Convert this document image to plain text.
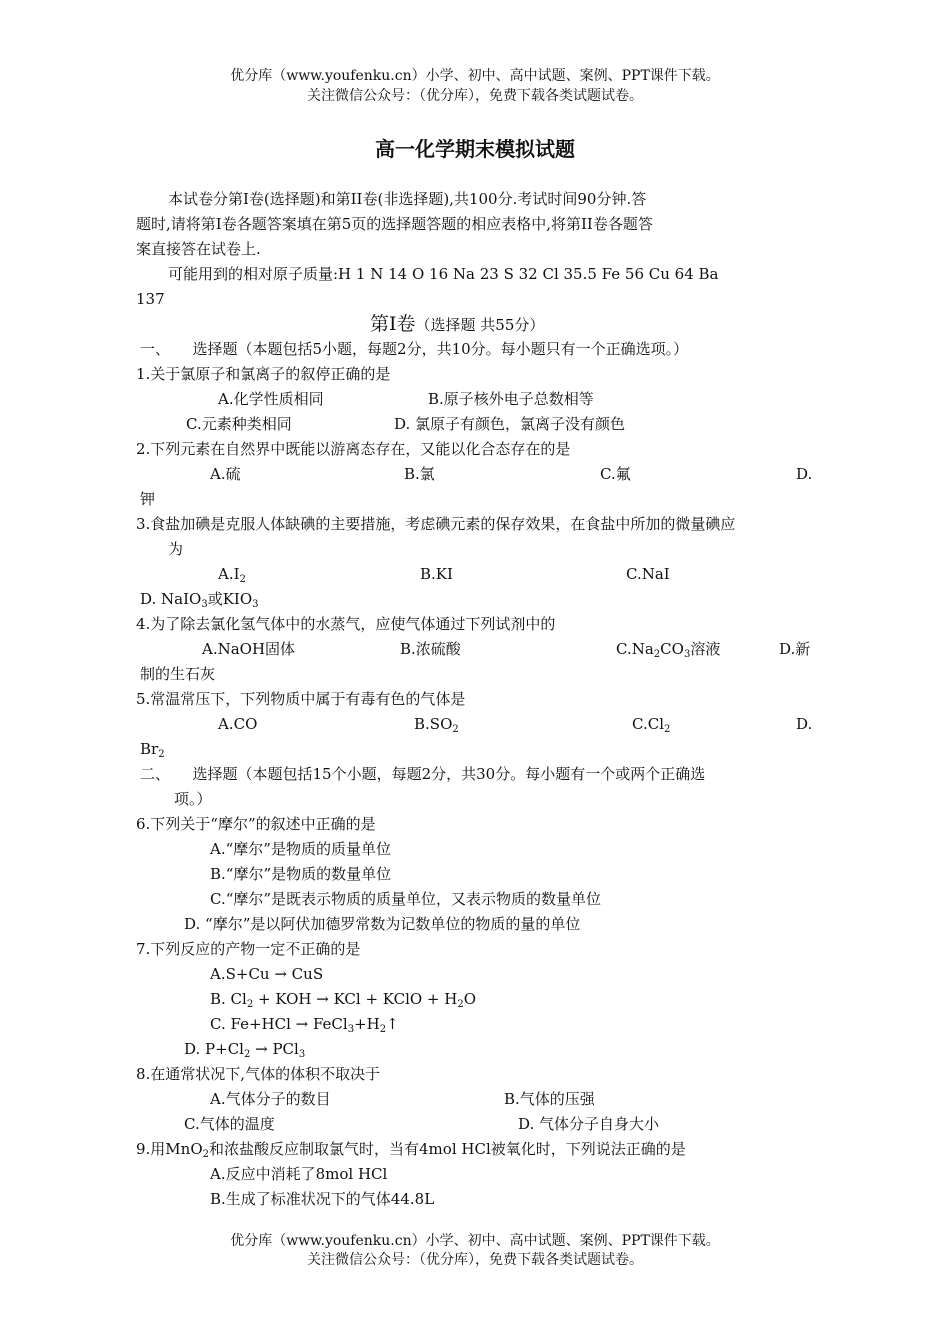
优分库（www.youfenku.cn）小学、初中、高中试题、案例、PPT课件下载。
关注微信公众号：（优分库），免费下载各类试题试卷。
高一化学期末模拟试题
本试卷分第I卷(选择题)和第II卷(非选择题),共100分.考试时间90分钟.答
题时,请将第I卷各题答案填在第5页的选择题答题的相应表格中,将第II卷各题答
案直接答在试卷上.
可能用到的相对原子质量:H 1 N 14 O 16 Na 23 S 32 Cl 35.5 Fe 56 Cu 64 Ba
137
第I卷（选择题 共55分）
一、　　选择题（本题包括5小题，每题2分，共10分。每小题只有一个正确选项。）
1.关于氯原子和氯离子的叙停正确的是
A.化学性质相同	B.原子核外电子总数相等
C.元素种类相同	D. 氯原子有颜色，氯离子没有颜色
2.下列元素在自然界中既能以游离态存在，又能以化合态存在的是
A.硫	B.氯	C.氟	D.
钾
3.食盐加碘是克服人体缺碘的主要措施，考虑碘元素的保存效果，在食盐中所加的微量碘应
为
$A.I_2$	B.KI	C.NaI
D. NaIO$_3$或$KIO_3$
4.为了除去氯化氢气体中的水蒸气，应使气体通过下列试剂中的
A.NaOH固体	B.浓硫酸	$C.Na_2CO_3$溶液	D.新
制的生石灰
5.常温常压下，下列物质中属于有毒有色的气体是
A.CO	$B.SO_2$	$C.Cl_2$	D.
$Br_2$
二、　　选择题（本题包括15个小题，每题2分，共30分。每小题有一个或两个正确选
项。）
6.下列关于“摩尔”的叙述中正确的是
A.“摩尔”是物质的质量单位
B.“摩尔”是物质的数量单位
C.“摩尔”是既表示物质的质量单位，又表示物质的数量单位
D. “摩尔”是以阿伏加德罗常数为记数单位的物质的量的单位
7.下列反应的产物一定不正确的是
A.S+Cu → CuS
B. $Cl_2$ + KOH → KCl + KClO + $H_2O$
C. $Fe+HCl \to FeCl_3+H_2↑$
D. $P+Cl_2 \to PCl_3$
8.在通常状况下,气体的体积不取决于
A.气体分子的数目	B.气体的压强
C.气体的温度	D. 气体分子自身大小
9.用MnO$_2$和浓盐酸反应制取氯气时，当有4mol HCl被氧化时，下列说法正确的是
A.反应中消耗了8mol HCl
B.生成了标准状况下的气体44.8L
优分库（www.youfenku.cn）小学、初中、高中试题、案例、PPT课件下载。
关注微信公众号：（优分库），免费下载各类试题试卷。
